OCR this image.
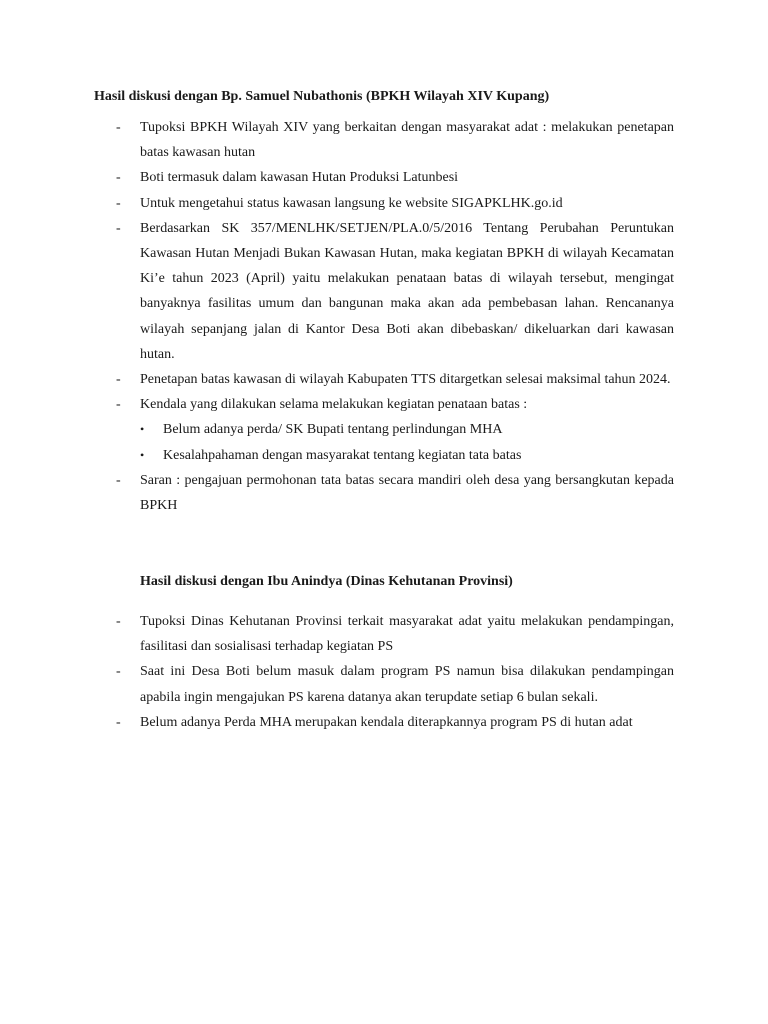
Hasil diskusi dengan Bp. Samuel Nubathonis (BPKH Wilayah XIV Kupang)
- Tupoksi BPKH Wilayah XIV yang berkaitan dengan masyarakat adat : melakukan penetapan batas kawasan hutan
- Boti termasuk dalam kawasan Hutan Produksi Latunbesi
- Untuk mengetahui status kawasan langsung ke website SIGAPKLHK.go.id
- Berdasarkan SK 357/MENLHK/SETJEN/PLA.0/5/2016 Tentang Perubahan Peruntukan Kawasan Hutan Menjadi Bukan Kawasan Hutan, maka kegiatan BPKH di wilayah Kecamatan Ki’e tahun 2023 (April) yaitu melakukan penataan batas di wilayah tersebut, mengingat banyaknya fasilitas umum dan bangunan maka akan ada pembebasan lahan. Rencananya wilayah sepanjang jalan di Kantor Desa Boti akan dibebaskan/ dikeluarkan dari kawasan hutan.
- Penetapan batas kawasan di wilayah Kabupaten TTS ditargetkan selesai maksimal tahun 2024.
- Kendala yang dilakukan selama melakukan kegiatan penataan batas :
• Belum adanya perda/ SK Bupati tentang perlindungan MHA
• Kesalahpahaman dengan masyarakat tentang kegiatan tata batas
- Saran : pengajuan permohonan tata batas secara mandiri oleh desa yang bersangkutan kepada BPKH
Hasil diskusi dengan Ibu Anindya (Dinas Kehutanan Provinsi)
- Tupoksi Dinas Kehutanan Provinsi terkait masyarakat adat yaitu melakukan pendampingan, fasilitasi dan sosialisasi terhadap kegiatan PS
- Saat ini Desa Boti belum masuk dalam program PS namun bisa dilakukan pendampingan apabila ingin mengajukan PS karena datanya akan terupdate setiap 6 bulan sekali.
- Belum adanya Perda MHA merupakan kendala diterapkannya program PS di hutan adat
